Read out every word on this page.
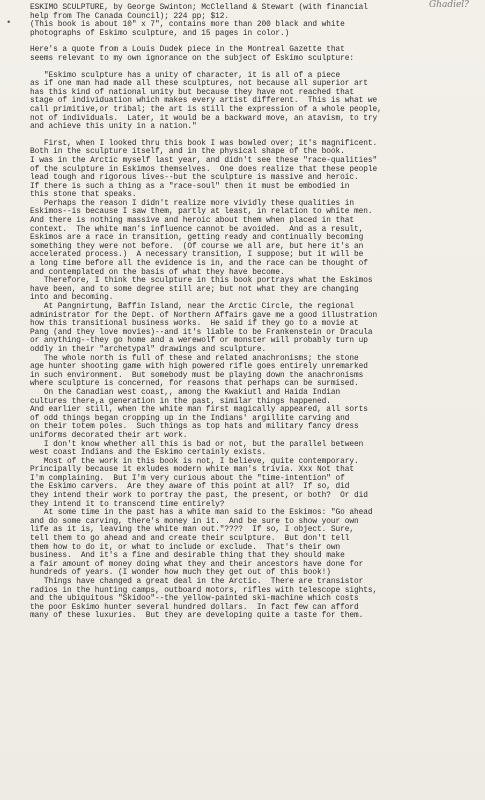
Ghadiel?
•

ESKIMO SCULPTURE, by George Swinton; McClelland & Stewart (with financial
help from The Canada Council); 224 pp; $12.
(This book is about 10" x 7", contains more than 200 black and white
photographs of Eskimo sculpture, and 15 pages in color.)

Here's a quote from a Louis Dudek piece in the Montreal Gazette that
seems relevant to my own ignorance on the subject of Eskimo sculpture:

"Eskimo sculpture has a unity of character, it is all of a piece
as if one man had made all these sculptures, not because all superior art
has this kind of national unity but because they have not reached that
stage of individuation which makes every artist different.  This is what we
call primitive,or tribal; the art is still the expression of a whole people,
not of individuals.  Later, it would be a backward move, an atavism, to try
and achieve this unity in a nation."

First, when I looked thru this book I was bowled over; it's magnificent.
Both in the sculpture itself, and in the physical shape of the book.
I was in the Arctic myself last year, and didn't see these "race-qualities"
of the sculpture in Eskimos themselves.  One does realize that these people
lead tough and rigorous lives--but the sculpture is massive and heroic.
If there is such a thing as a "race-soul" then it must be embodied in
this stone that speaks.

Perhaps the reason I didn't realize more vividly these qualities in
Eskimos--is because I saw them, partly at least, in relation to white men.
And there is nothing massive and heroic about them when placed in that
context.  The white man's influence cannot be avoided.  And as a result,
Eskimos are a race in transition, getting ready and continually becoming
something they were not before.  (Of course we all are, but here it's an
accelerated process.)  A necessary transition, I suppose; but it will be
a long time before all the evidence is in, and the race can be thought of
and contemplated on the basis of what they have become.

Therefore, I think the sculpture in this book portrays what the Eskimos
have been, and to some degree still are; but not what they are changing
into and becoming.

At Pangnirtung, Baffin Island, near the Arctic Circle, the regional
administrator for the Dept. of Northern Affairs gave me a good illustration
how this transitional business works.  He said if they go to a movie at
Pang (and they love movies)--and it's liable to be Frankenstein or Dracula
or anything--they go home and a werewolf or monster will probably turn up
oddly in their "archetypal" drawings and sculpture.

The whole north is full of these and related anachronisms; the stone
age hunter shooting game with high powered rifle goes entirely unremarked
in such environment.  But somebody must be playing down the anachronisms
where sculpture is concerned, for reasons that perhaps can be surmised.

On the Canadian west coast,, among the Kwakiutl and Haida Indian
cultures there,a generation in the past, similar things happened.
And earlier still, when the white man first magically appeared, all sorts
of odd things began cropping up in the Indians' argillite carving and
on their totem poles.  Such things as top hats and military fancy dress
uniforms decorated their art work.

I don't know whether all this is bad or not, but the parallel between
west coast Indians and the Eskimo certainly exists.

Most of the work in this book is not, I believe, quite contemporary.
Principally because it exludes modern white man's trivia. Xxx Not that
I'm complaining.  But I'm very curious about the "time-intention" of
the Eskimo carvers.  Are they aware of this point at all?  If so, did
they intend their work to portray the past, the present, or both?  Or did
they intend it to transcend time entirely?

At some time in the past has a white man said to the Eskimos: "Go ahead
and do some carving, there's money in it.  And be sure to show your own
life as it is, leaving the white man out."????  If so, I object. Sure,
tell them to go ahead and and create their sculpture.  But don't tell
them how to do it, or what to include or exclude.  That's their own
business.  And it's a fine and desirable thing that they should make
a fair amount of money doing what they and their ancestors have done for
hundreds of years. (I wonder how much they get out of this book!)

Things have changed a great deal in the Arctic.  There are transistor
radios in the hunting camps, outboard motors, rifles with telescope sights,
and the ubiquitous "Skidoo"--the yellow-painted ski-machine which costs
the poor Eskimo hunter several hundred dollars.  In fact few can afford
many of these luxuries.  But they are developing quite a taste for them.
